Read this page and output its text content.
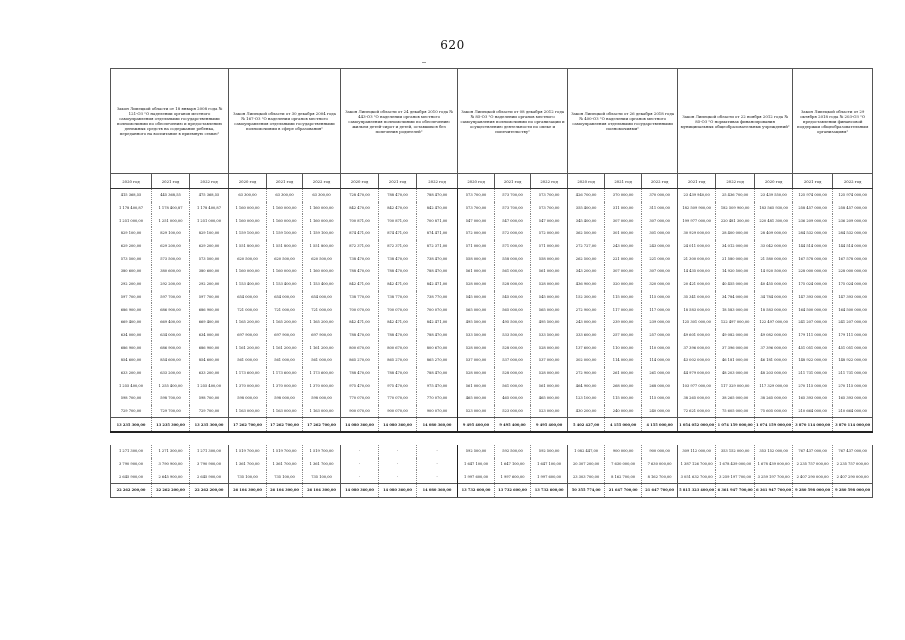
620
Закон Липецкой области от 18 января 2008 года № 121-ОЗ "О наделении органов местного самоуправления отдельными государственными полномочиями по обеспечению и предоставлению денежных средств на содержание ребенка, переданного на воспитание в приемную семью"			Закон Липецкой области от 30 декабря 2004 года № 167-ОЗ "О наделении органов местного самоуправления отдельными государственными полномочиями в сфере образования"			Закон Липецкой области от 24 декабря 2010 года № 443-ОЗ "О наделении органов местного самоуправления полномочиями по обеспечению жильем детей-сирот и детей, оставшихся без попечения родителей"			Закон Липецкой области от 08 декабря 2012 года № 85-ОЗ "О наделении органов местного самоуправления полномочиями по организации и осуществлению деятельности по опеке и попечительству"			Закон Липецкой области от 26 декабря 2018 года № 400-ОЗ "О наделении органов местного самоуправления отдельными государственными полномочиями"			Закон Липецкой области от 22 ноября 2012 года № 85-ОЗ "О нормативах финансирования муниципальных общеобразовательных учреждений"			Закон Липецкой области от 29 октября 2018 года № 203-ОЗ "О предоставлении финансовой поддержки общеобразовательным организациям"	

2020 год	2021 год	2022 год	2020 год	2021 год	2022 год	2020 год	2021 год	2022 год	2020 год	2021 год	2022 год	2020 год	2021 год	2022 год	2021 год	2022 год	2020 год	2021 год	2022 год
415 368,55	445 368,55	475 368,55	63 300,00	63 300,00	63 300,00	728 470,00	788 470,00	788 470,00	573 700,00	573 700,00	573 700,00	426 700,00	370 000,00	370 000,00	23 439 940,00	25 436 700,00	23 439 550,00	125 974 000,00	125 974 000,00
1 178 400,87	1 178 400,87	1 178 400,87	1 160 000,00	1 160 000,00	1 160 000,00	842 470,00	842 470,00	842 470,00	573 700,00	573 700,00	573 700,00	355 400,00	311 000,00	311 000,00	182 509 900,00	182 509 900,00	183 565 930,00	258 457 000,00	258 457 000,00
1 251 000,00	1 251 000,00	1 251 000,00	1 160 000,00	1 160 000,00	1 160 000,00	700 871,00	700 871,00	700 871,00	547 000,00	547 000,00	547 000,00	345 400,00	307 000,00	307 000,00	199 977 000,00	220 481 300,00	220 481 300,00	236 209 000,00	236 209 000,00
829 100,00	829 100,00	829 100,00	1 159 100,00	1 159 100,00	1 159 100,00	874 471,00	874 471,00	874 471,00	572 000,00	572 000,00	572 000,00	362 500,00	301 000,00	301 000,00	30 929 000,00	28 400 000,00	28 409 000,00	284 532 000,00	284 532 000,00
629 200,00	629 200,00	629 200,00	1 551 800,00	1 551 800,00	1 551 800,00	872 371,00	872 371,00	872 371,00	571 000,00	571 000,00	571 000,00	272 727,00	243 000,00	243 000,00	24 011 000,00	34 012 000,00	33 042 000,00	144 514 000,00	144 514 000,00
573 500,00	573 500,00	573 500,00	620 500,00	620 500,00	620 500,00	738 470,00	738 470,00	738 470,00	558 000,00	558 000,00	558 000,00	262 500,00	221 000,00	221 000,00	21 300 000,00	21 580 000,00	21 580 000,00	167 578 000,00	167 578 000,00
380 600,00	380 600,00	380 600,00	1 160 000,00	1 160 000,00	1 160 000,00	788 470,00	788 470,00	788 470,00	561 000,00	561 000,00	561 000,00	343 200,00	307 000,00	307 000,00	14 435 000,00	14 920 500,00	14 920 500,00	228 000 000,00	228 000 000,00
292 200,00	292 200,00	292 200,00	1 153 400,00	1 153 400,00	1 153 400,00	842 471,00	842 471,00	842 471,00	528 000,00	528 000,00	528 000,00	436 900,00	320 000,00	320 000,00	20 421 000,00	40 455 000,00	40 455 000,00	175 024 000,00	175 024 000,00
597 700,00	597 700,00	597 700,00	654 000,00	654 000,00	654 000,00	738 770,00	738 770,00	738 770,00	545 000,00	545 000,00	545 000,00	152 300,00	115 000,00	115 000,00	35 341 000,00	34 784 000,00	34 784 000,00	147 393 000,00	147 393 000,00
686 900,00	686 900,00	686 900,00	721 000,00	721 000,00	721 000,00	700 070,00	700 070,00	700 070,00	565 000,00	565 000,00	565 000,00	272 900,00	117 000,00	117 000,00	18 583 000,00	18 583 000,00	18 583 000,00	164 500 000,00	164 500 000,00
669 400,00	669 400,00	669 400,00	1 165 200,00	1 165 200,00	1 165 200,00	842 471,00	842 471,00	842 471,00	495 500,00	495 500,00	495 500,00	243 000,00	239 000,00	239 000,00	125 301 000,00	122 497 000,00	122 497 000,00	241 207 000,00	241 207 000,00
634 000,00	634 000,00	634 000,00	697 900,00	697 900,00	697 900,00	788 470,00	788 470,00	788 470,00	533 500,00	533 500,00	533 500,00	333 600,00	257 000,00	257 000,00	49 601 000,00	49 082 000,00	49 082 000,00	179 111 000,00	179 111 000,00
686 900,00	686 900,00	686 900,00	1 161 200,00	1 161 200,00	1 161 200,00	800 670,00	800 670,00	800 670,00	528 000,00	528 000,00	528 000,00	137 600,00	110 000,00	110 000,00	37 396 000,00	37 396 000,00	37 396 000,00	451 051 000,00	451 051 000,00
854 600,00	854 600,00	854 600,00	561 000,00	561 000,00	561 000,00	865 270,00	865 270,00	865 270,00	537 000,00	537 000,00	537 000,00	302 000,00	114 000,00	114 000,00	43 002 000,00	46 181 000,00	46 181 000,00	148 922 000,00	148 922 000,00
633 200,00	633 200,00	633 200,00	1 173 600,00	1 173 600,00	1 173 600,00	788 470,00	788 470,00	788 470,00	528 000,00	528 000,00	528 000,00	272 900,00	261 000,00	261 000,00	44 979 000,00	48 203 000,00	48 203 000,00	211 731 000,00	211 731 000,00
1 255 400,00	1 255 400,00	1 255 400,00	1 370 000,00	1 370 000,00	1 370 000,00	975 470,00	975 470,00	975 470,00	561 000,00	561 000,00	561 000,00	464 900,00	268 000,00	268 000,00	103 977 000,00	117 329 000,00	117 329 000,00	270 115 000,00	270 115 000,00
598 700,00	598 700,00	598 700,00	598 000,00	598 000,00	598 000,00	770 070,00	770 070,00	770 070,00	465 000,00	465 000,00	465 000,00	123 100,00	115 000,00	115 000,00	38 265 000,00	38 265 000,00	38 265 000,00	165 393 000,00	165 393 000,00
729 700,00	729 700,00	729 700,00	1 163 000,00	1 163 000,00	1 163 000,00	900 070,00	900 070,00	900 070,00	523 000,00	523 000,00	523 000,00	430 200,00	240 000,00	240 000,00	72 621 000,00	75 605 000,00	75 605 000,00	210 664 000,00	210 664 000,00
13 235 300,00	13 235 300,00	13 235 300,00	17 262 700,00	17 262 700,00	17 262 700,00	14 080 360,00	14 080 360,00	14 080 360,00	9 495 400,00	9 495 400,00	9 495 400,00	5 402 427,00	4 155 000,00	4 155 000,00	1 054 052 000,00	1 074 159 000,00	1 074 159 000,00	3 870 114 000,00	3 870 114 000,00

1 271 300,00	1 271 300,00	1 271 300,00	1 519 700,00	1 519 700,00	1 519 700,00	-	-	-	592 500,00	592 500,00	592 500,00	1 082 447,00	900 000,00	900 000,00	309 112 000,00	353 152 000,00	353 152 000,00	767 437 000,00	767 437 000,00
3 790 900,00	3 790 900,00	3 790 900,00	1 361 700,00	1 361 700,00	1 361 700,00	-	-	-	1 647 100,00	1 647 100,00	1 647 100,00	20 307 200,00	7 630 000,00	7 630 000,00	1 387 126 700,00	1 678 439 000,00	1 678 439 000,00	2 235 757 000,00	2 235 757 000,00
2 645 900,00	2 645 900,00	2 645 900,00	735 100,00	735 100,00	735 100,00	-	-	-	1 997 600,00	1 997 600,00	1 997 600,00	23 303 700,00	8 162 700,00	8 162 700,00	3 051 632 700,00	3 259 197 700,00	3 259 197 700,00	2 407 290 000,00	2 407 290 000,00
22 262 200,00	22 262 200,00	22 262 200,00	26 104 300,00	26 104 300,00	26 104 300,00	14 080 360,00	14 080 360,00	14 080 360,00	13 732 600,00	13 732 600,00	13 732 600,00	50 355 774,00	21 647 700,00	21 647 700,00	5 815 323 400,00	6 361 947 700,00	6 361 947 700,00	9 280 598 000,00	9 280 598 000,00
